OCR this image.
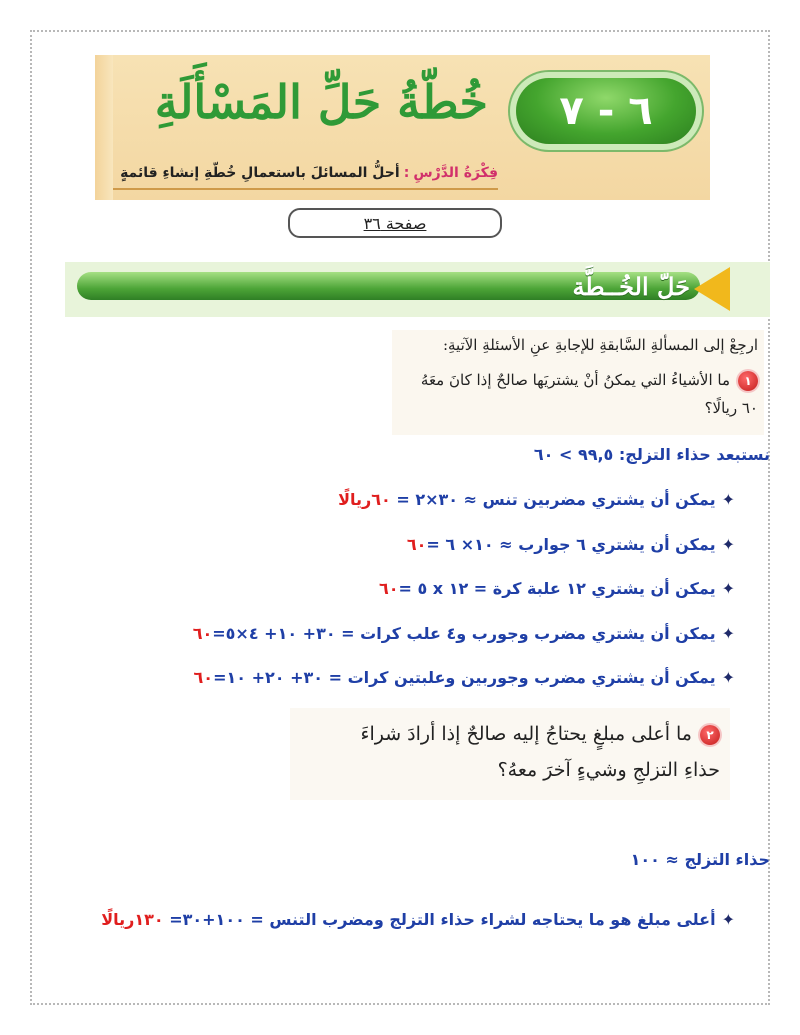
٦ - ٧
خُطّةُ حَلِّ المَسْأَلَةِ
فِكْرَةُ الدَّرْسِ:أحلُّ المسائلَ باستعمالِ خُطّةِ إنشاءِ قائمةٍ
صفحة ٣٦
حَلّ الخُــطَّة
ارجِعْ إلى المسألةِ السَّابقةِ للإجابةِ عنِ الأسئلةِ الآتيةِ:
١ما الأشياءُ التي يمكنُ أنْ يشتريَها صالحٌ إذا كانَ معَهُ ٦٠ ريالًا؟
نستبعد حذاء التزلج: ٩٩,٥ > ٦٠
✦يمكن أن يشتري مضربين تنس ≈ ٣٠×٢ = ٦٠ريالًا
✦يمكن أن يشتري ٦ جوارب ≈ ١٠× ٦ =٦٠
✦يمكن أن يشتري ١٢ علبة كرة = ١٢ x ٥ =٦٠
✦يمكن أن يشتري مضرب وجورب و٤ علب كرات = ٣٠+ ١٠+ ٤×٥=٦٠
✦يمكن أن يشتري مضرب وجوربين وعلبتين كرات = ٣٠+ ٢٠+ ١٠=٦٠
٢ما أعلى مبلغٍ يحتاجُ إليه صالحٌ إذا أرادَ شراءَ حذاءِ التزلجِ وشيءٍ آخرَ معهُ؟
حذاء التزلج ≈ ١٠٠
✦أعلى مبلغ هو ما يحتاجه لشراء حذاء التزلج ومضرب التنس = ١٠٠+٣٠= ١٣٠ريالًا
